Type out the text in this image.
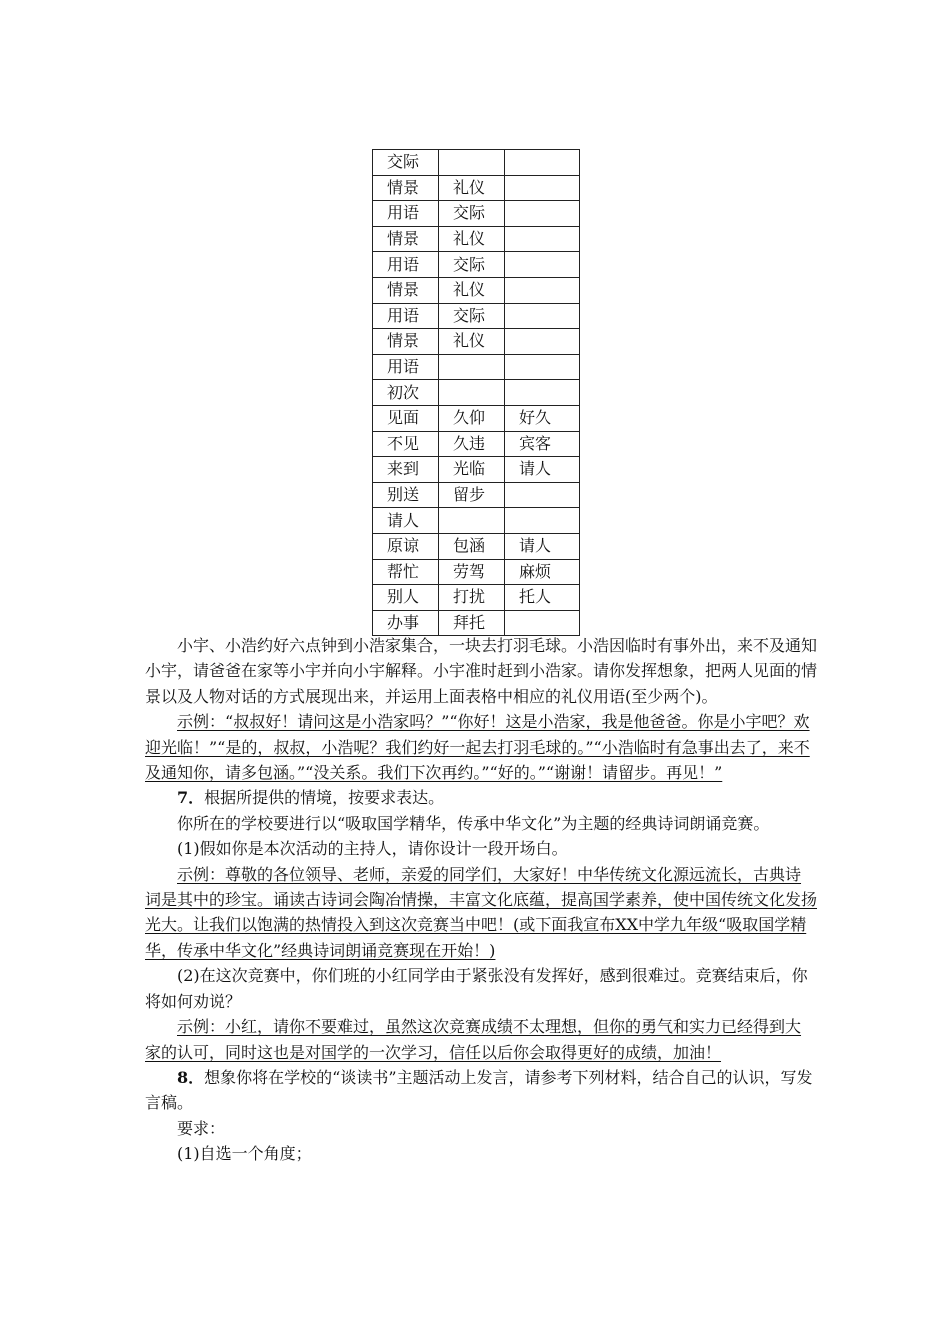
交际		
情景	礼仪	
用语	交际	
情景	礼仪	
用语	交际	
情景	礼仪	
用语	交际	
情景	礼仪	
用语		
初次		
见面	久仰	好久
不见	久违	宾客
来到	光临	请人
别送	留步	
请人		
原谅	包涵	请人
帮忙	劳驾	麻烦
别人	打扰	托人
办事	拜托	

小宇、小浩约好六点钟到小浩家集合，一块去打羽毛球。小浩因临时有事外出，来不及通知小宇，请爸爸在家等小宇并向小宇解释。小宇准时赶到小浩家。请你发挥想象，把两人见面的情景以及人物对话的方式展现出来，并运用上面表格中相应的礼仪用语(至少两个)。

示例：“叔叔好！请问这是小浩家吗？”“你好！这是小浩家，我是他爸爸。你是小宇吧？欢迎光临！”“是的，叔叔，小浩呢？我们约好一起去打羽毛球的。”“小浩临时有急事出去了，来不及通知你，请多包涵。”“没关系。我们下次再约。”“好的。”“谢谢！请留步。再见！”

7．根据所提供的情境，按要求表达。

你所在的学校要进行以“吸取国学精华，传承中华文化”为主题的经典诗词朗诵竞赛。

(1)假如你是本次活动的主持人，请你设计一段开场白。

示例：尊敬的各位领导、老师，亲爱的同学们，大家好！中华传统文化源远流长，古典诗词是其中的珍宝。诵读古诗词会陶冶情操，丰富文化底蕴，提高国学素养，使中国传统文化发扬光大。让我们以饱满的热情投入到这次竞赛当中吧！(或下面我宣布XX中学九年级“吸取国学精华，传承中华文化”经典诗词朗诵竞赛现在开始！)

(2)在这次竞赛中，你们班的小红同学由于紧张没有发挥好，感到很难过。竞赛结束后，你将如何劝说？

示例：小红，请你不要难过，虽然这次竞赛成绩不太理想，但你的勇气和实力已经得到大家的认可，同时这也是对国学的一次学习，信任以后你会取得更好的成绩，加油！

8．想象你将在学校的“谈读书”主题活动上发言，请参考下列材料，结合自己的认识，写发言稿。

要求：

(1)自选一个角度；
